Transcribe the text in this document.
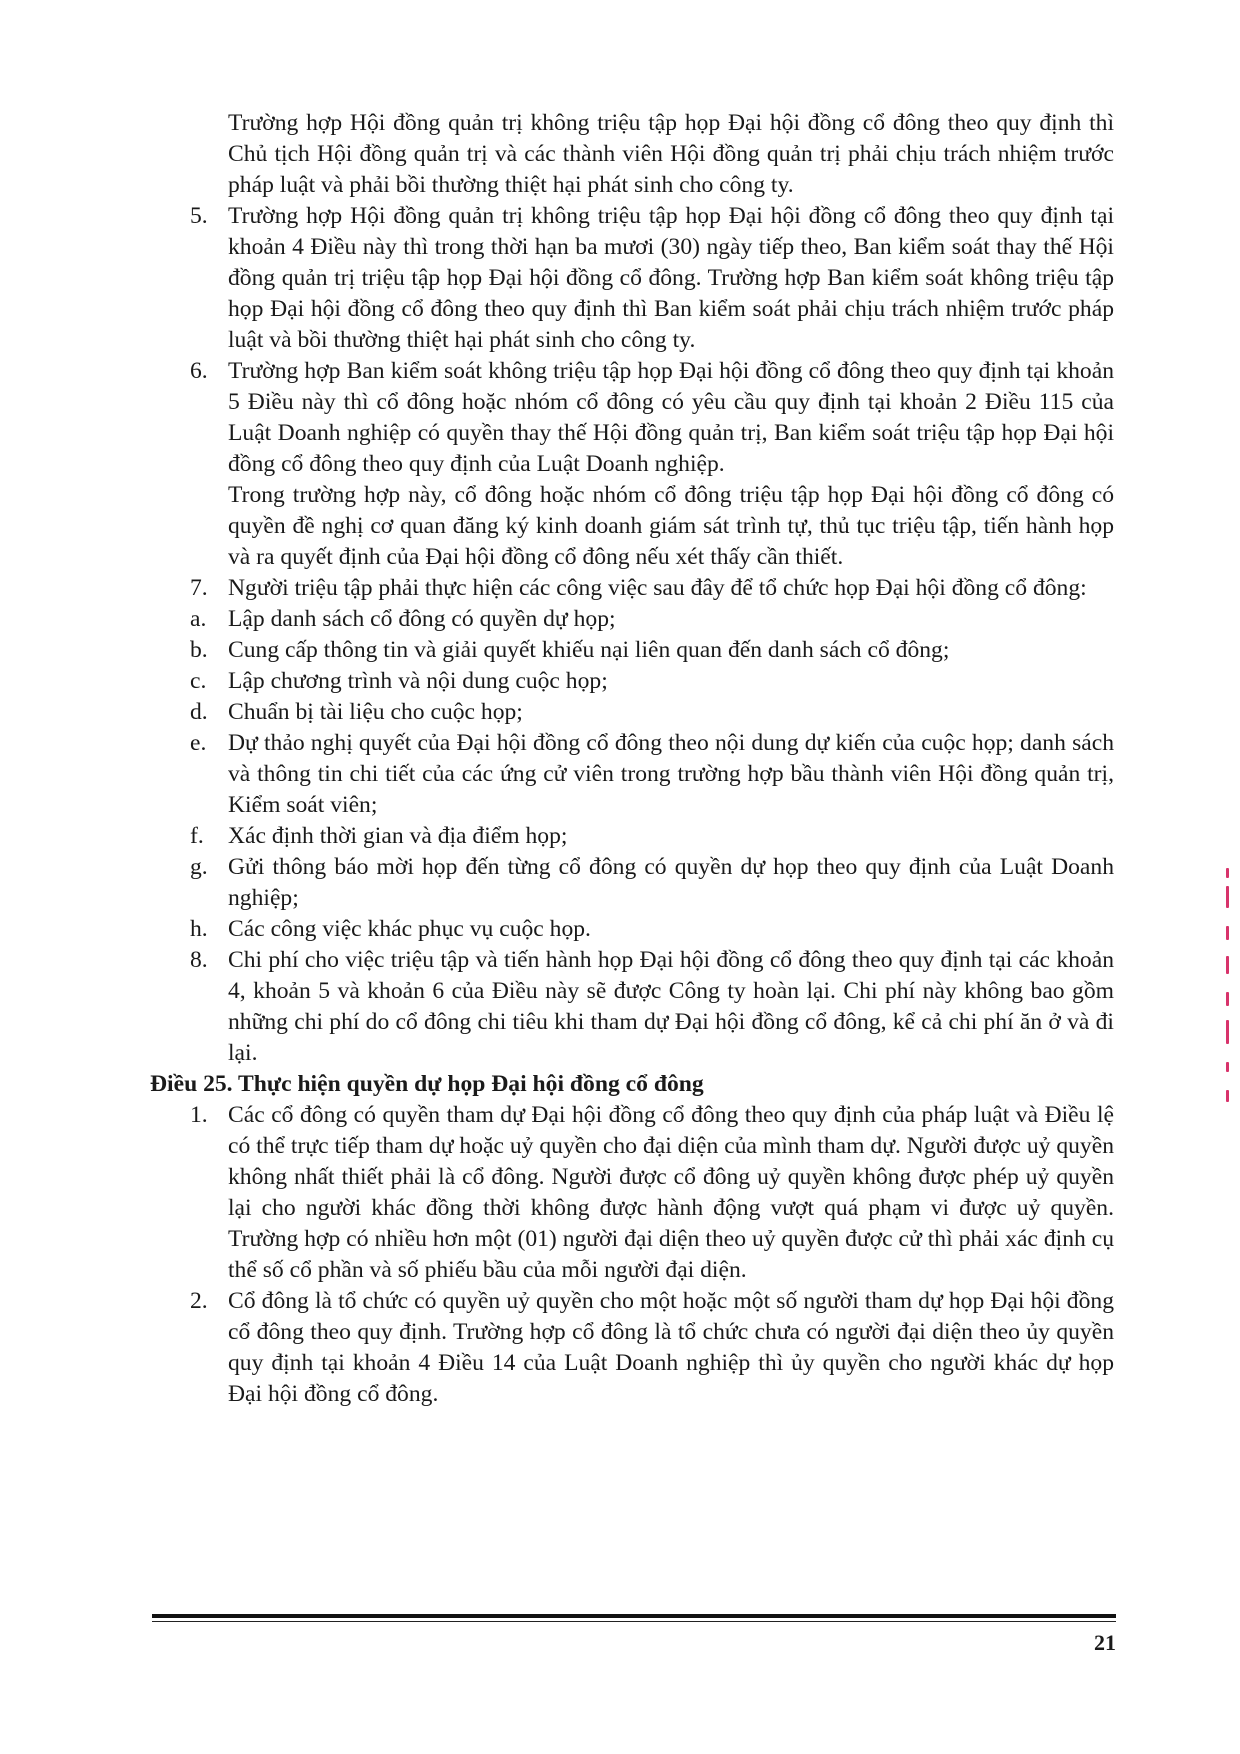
Trường hợp Hội đồng quản trị không triệu tập họp Đại hội đồng cổ đông theo quy định thì Chủ tịch Hội đồng quản trị và các thành viên Hội đồng quản trị phải chịu trách nhiệm trước pháp luật và phải bồi thường thiệt hại phát sinh cho công ty.

5. Trường hợp Hội đồng quản trị không triệu tập họp Đại hội đồng cổ đông theo quy định tại khoản 4 Điều này thì trong thời hạn ba mươi (30) ngày tiếp theo, Ban kiểm soát thay thế Hội đồng quản trị triệu tập họp Đại hội đồng cổ đông. Trường hợp Ban kiểm soát không triệu tập họp Đại hội đồng cổ đông theo quy định thì Ban kiểm soát phải chịu trách nhiệm trước pháp luật và bồi thường thiệt hại phát sinh cho công ty.
6. Trường hợp Ban kiểm soát không triệu tập họp Đại hội đồng cổ đông theo quy định tại khoản 5 Điều này thì cổ đông hoặc nhóm cổ đông có yêu cầu quy định tại khoản 2 Điều 115 của Luật Doanh nghiệp có quyền thay thế Hội đồng quản trị, Ban kiểm soát triệu tập họp Đại hội đồng cổ đông theo quy định của Luật Doanh nghiệp.
Trong trường hợp này, cổ đông hoặc nhóm cổ đông triệu tập họp Đại hội đồng cổ đông có quyền đề nghị cơ quan đăng ký kinh doanh giám sát trình tự, thủ tục triệu tập, tiến hành họp và ra quyết định của Đại hội đồng cổ đông nếu xét thấy cần thiết.
7. Người triệu tập phải thực hiện các công việc sau đây để tổ chức họp Đại hội đồng cổ đông:
a. Lập danh sách cổ đông có quyền dự họp;
b. Cung cấp thông tin và giải quyết khiếu nại liên quan đến danh sách cổ đông;
c. Lập chương trình và nội dung cuộc họp;
d. Chuẩn bị tài liệu cho cuộc họp;
e. Dự thảo nghị quyết của Đại hội đồng cổ đông theo nội dung dự kiến của cuộc họp; danh sách và thông tin chi tiết của các ứng cử viên trong trường hợp bầu thành viên Hội đồng quản trị, Kiểm soát viên;
f.	Xác định thời gian và địa điểm họp;
g. Gửi thông báo mời họp đến từng cổ đông có quyền dự họp theo quy định của Luật Doanh nghiệp;
h. Các công việc khác phục vụ cuộc họp.
8. Chi phí cho việc triệu tập và tiến hành họp Đại hội đồng cổ đông theo quy định tại các khoản 4, khoản 5 và khoản 6 của Điều này sẽ được Công ty hoàn lại. Chi phí này không bao gồm những chi phí do cổ đông chi tiêu khi tham dự Đại hội đồng cổ đông, kể cả chi phí ăn ở và đi lại.

Điều 25. Thực hiện quyền dự họp Đại hội đồng cổ đông

1. Các cổ đông có quyền tham dự Đại hội đồng cổ đông theo quy định của pháp luật và Điều lệ có thể trực tiếp tham dự hoặc uỷ quyền cho đại diện của mình tham dự. Người được uỷ quyền không nhất thiết phải là cổ đông. Người được cổ đông uỷ quyền không được phép uỷ quyền lại cho người khác đồng thời không được hành động vượt quá phạm vi được uỷ quyền. Trường hợp có nhiều hơn một (01) người đại diện theo uỷ quyền được cử thì phải xác định cụ thể số cổ phần và số phiếu bầu của mỗi người đại diện.
2. Cổ đông là tổ chức có quyền uỷ quyền cho một hoặc một số người tham dự họp Đại hội đồng cổ đông theo quy định. Trường hợp cổ đông là tổ chức chưa có người đại diện theo ủy quyền quy định tại khoản 4 Điều 14 của Luật Doanh nghiệp thì ủy quyền cho người khác dự họp Đại hội đồng cổ đông.
21
